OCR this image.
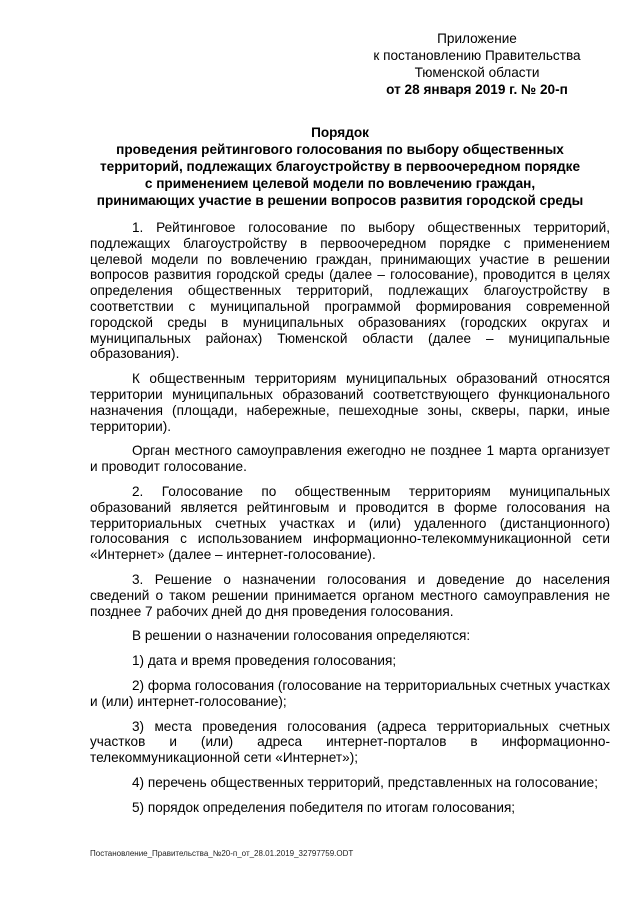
Приложение
к постановлению Правительства
Тюменской области
от 28 января 2019 г. № 20-п
Порядок
проведения рейтингового голосования по выбору общественных
территорий, подлежащих благоустройству в первоочередном порядке
с применением целевой модели по вовлечению граждан,
принимающих участие в решении вопросов развития городской среды

1. Рейтинговое голосование по выбору общественных территорий, подлежащих благоустройству в первоочередном порядке с применением целевой модели по вовлечению граждан, принимающих участие в решении вопросов развития городской среды (далее – голосование), проводится в целях определения общественных территорий, подлежащих благоустройству в соответствии с муниципальной программой формирования современной городской среды в муниципальных образованиях (городских округах и муниципальных районах) Тюменской области (далее – муниципальные образования).

К общественным территориям муниципальных образований относятся территории муниципальных образований соответствующего функционального назначения (площади, набережные, пешеходные зоны, скверы, парки, иные территории).

Орган местного самоуправления ежегодно не позднее 1 марта организует и проводит голосование.

2. Голосование по общественным территориям муниципальных образований является рейтинговым и проводится в форме голосования на территориальных счетных участках и (или) удаленного (дистанционного) голосования с использованием информационно-телекоммуникационной сети «Интернет» (далее – интернет-голосование).

3. Решение о назначении голосования и доведение до населения сведений о таком решении принимается органом местного самоуправления не позднее 7 рабочих дней до дня проведения голосования.

В решении о назначении голосования определяются:

1) дата и время проведения голосования;

2) форма голосования (голосование на территориальных счетных участках и (или) интернет-голосование);

3) места проведения голосования (адреса территориальных счетных участков и (или) адреса интернет-порталов в информационно-телекоммуникационной сети «Интернет»);

4) перечень общественных территорий, представленных на голосование;

5) порядок определения победителя по итогам голосования;

Постановление_Правительства_№20-п_от_28.01.2019_32797759.ODT
